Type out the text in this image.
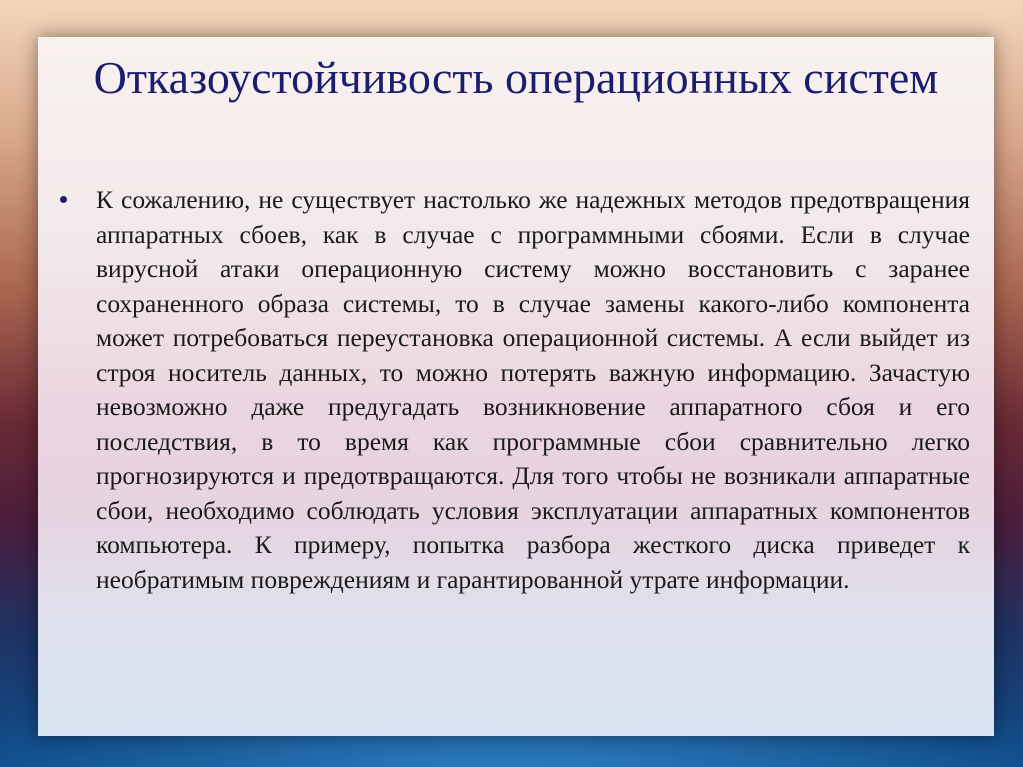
Отказоустойчивость операционных систем

К сожалению, не существует настолько же надежных методов предотвращения аппаратных сбоев, как в случае с программными сбоями. Если в случае вирусной атаки операционную систему можно восстановить с заранее сохраненного образа системы, то в случае замены какого-либо компонента может потребоваться переустановка операционной системы. А если выйдет из строя носитель данных, то можно потерять важную информацию. Зачастую невозможно даже предугадать возникновение аппаратного сбоя и его последствия, в то время как программные сбои сравнительно легко прогнозируются и предотвращаются. Для того чтобы не возникали аппаратные сбои, необходимо соблюдать условия эксплуатации аппаратных компонентов компьютера. К примеру, попытка разбора жесткого диска приведет к необратимым повреждениям и гарантированной утрате информации.
